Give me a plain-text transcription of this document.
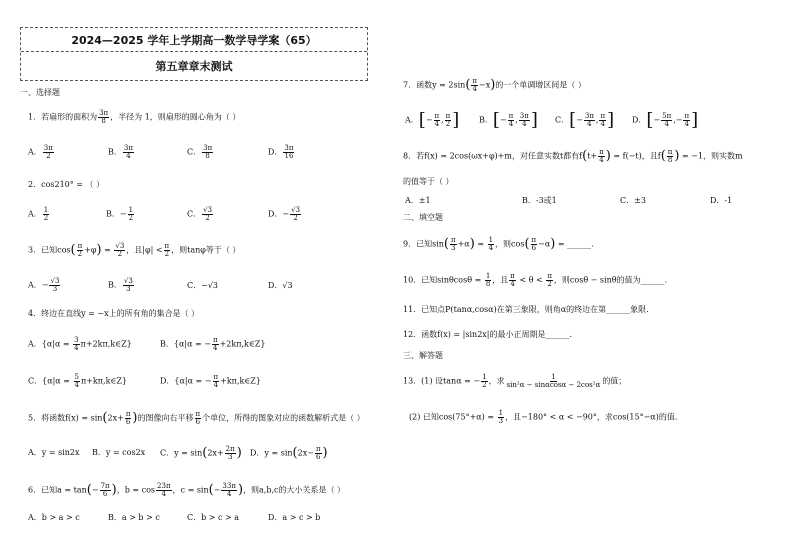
2024—2025 学年上学期高一数学导学案（65）
第五章章末测试
一、选择题
1．若扇形的面积为 $\frac{3\pi}{8}$ ，半径为 1，则扇形的圆心角为（ ）
A． $\frac{3\pi}{2}$	B． $\frac{3\pi}{4}$	C． $\frac{3\pi}{8}$	D． $\frac{3\pi}{16}$
2．cos210° = （ ）
A． $\frac{1}{2}$	B．− $\frac{1}{2}$	C． $\frac{√3}{2}$	D．− $\frac{√3}{2}$
3．已知$\cos( \frac{\pi}{2} +\varphi) = \frac{√3}{2}$ ，且$|\varphi| < \frac{\pi}{2}$ ，则tanφ等于（ ）
A．− $\frac{√3}{3}$	B． $\frac{√3}{3}$	C．−√3	D．√3
4．终边在直线y = −x上的所有角的集合是（ ）
A．{$\alpha|\alpha = \frac{3}{4}$ π+2kπ,k∈Z}	B．{α|α = − $\frac{\pi}{4}$ +2kπ,k∈Z}
C．{$\alpha|\alpha = \frac{5}{4}$ π+kπ,k∈Z}	D．{α|α = − $\frac{\pi}{4}$ +kπ,k∈Z}
5．将函数$f(x) = \sin(2x+ \frac{\pi}{6}$ )的图像向右平移 $\frac{\pi}{6}$ 个单位，所得的图象对应的函数解析式是（ ）
A．y = sin2x B．y = cos2x C．$y = \sin(2x+ \frac{2\pi}{3}$ ) D．$y = \sin(2x- \frac{\pi}{6}$ )
6．已知$a = \tan(- \frac{7\pi}{6}$ )，$b = \cos \frac{23\pi}{4}$ ，$c = \sin(- \frac{33\pi}{4}$ )，则a,b,c的大小关系是（ ）
A．b > a > c	B．a > b > c	C．b > c > a	D．a > c > b
7．函数$y = 2\sin( \frac{\pi}{4} -x)$的一个单调增区间是（ ）
A．[− $\frac{\pi}{4}$ , $\frac{\pi}{2}$ ] B．[− $\frac{\pi}{4}$ , $\frac{3\pi}{4}$ ] C．[− $\frac{3\pi}{4}$ , $\frac{\pi}{4}$ ] D．[− $\frac{5\pi}{4}$ ,− $\frac{\pi}{4}$ ]
8．若f(x) = 2cos(ωx+φ)+m，对任意实数t都有$f(t+ \frac{\pi}{4}$ ) = f(−t)，且$f( \frac{\pi}{8}$ ) = −1，则实数m
的值等于（ ）
A．±1	B．-3或1	C．±3	D．-1
二、填空题
9．已知$\sin( \frac{\pi}{3} +\alpha) = \frac{1}{4}$ ，则$\cos( \frac{\pi}{6} -\alpha)$ = ______.
10．已知$\sin\theta\cos\theta = \frac{1}{8}$ ，且 $\frac{\pi}{4} < \theta < \frac{\pi}{2}$ ，则cosθ − sinθ的值为______.
11．已知点P(tanα,cosα)在第三象限，则角α的终边在第______象限.
12．函数f(x) = |sin2x|的最小正周期是______.
三、解答题
13．(1) 设tanα = − $\frac{1}{2}$ ，求 $\frac{1}{\text{sin²α − sinαcosα − 2cos²α}}$ 的值；
(2) 已知$\cos(75^\circ+\alpha) = \frac{1}{3}$ ，且−180° < α < −90°，求cos(15°−α)的值.
